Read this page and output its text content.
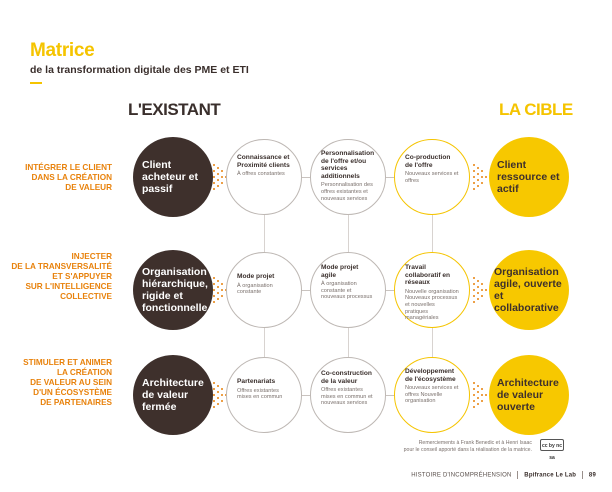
Matrice
de la transformation digitale des PME et ETI
L'EXISTANT	LA CIBLE
INTÉGRER LE CLIENT
DANS LA CRÉATION
DE VALEUR
Client acheteur et passif
Connaissance et Proximité clients
À offres constantes
Personnalisation de l'offre et/ou services additionnels
Personnalisation des offres existantes et nouveaux services
Co-production de l'offre
Nouveaux services et offres
Client ressource et actif
INJECTER
DE LA TRANSVERSALITÉ
ET S'APPUYER
SUR L'INTELLIGENCE
COLLECTIVE
Organisation hiérarchique, rigide et fonctionnelle
Mode projet
À organisation constante
Mode projet agile
À organisation constante et nouveaux processus
Travail collaboratif en réseaux
Nouvelle organisation Nouveaux processus et nouvelles pratiques managériales
Organisation agile, ouverte et collaborative
STIMULER ET ANIMER
LA CRÉATION
DE VALEUR AU SEIN
D'UN ÉCOSYSTÈME
DE PARTENAIRES
Architecture de valeur fermée
Partenariats
Offres existantes mises en commun
Co-construction de la valeur
Offres existantes mises en commun et nouveaux services
Développement de l'écosystème
Nouveaux services et offres Nouvelle organisation
Architecture de valeur ouverte
Remerciements à Frank Benedic et à Henri Isaac
pour le conseil apporté dans la réalisation de la matrice.
cc by nc sa
HISTOIRE D'INCOMPRÉHENSION Bpifrance Le Lab 89
